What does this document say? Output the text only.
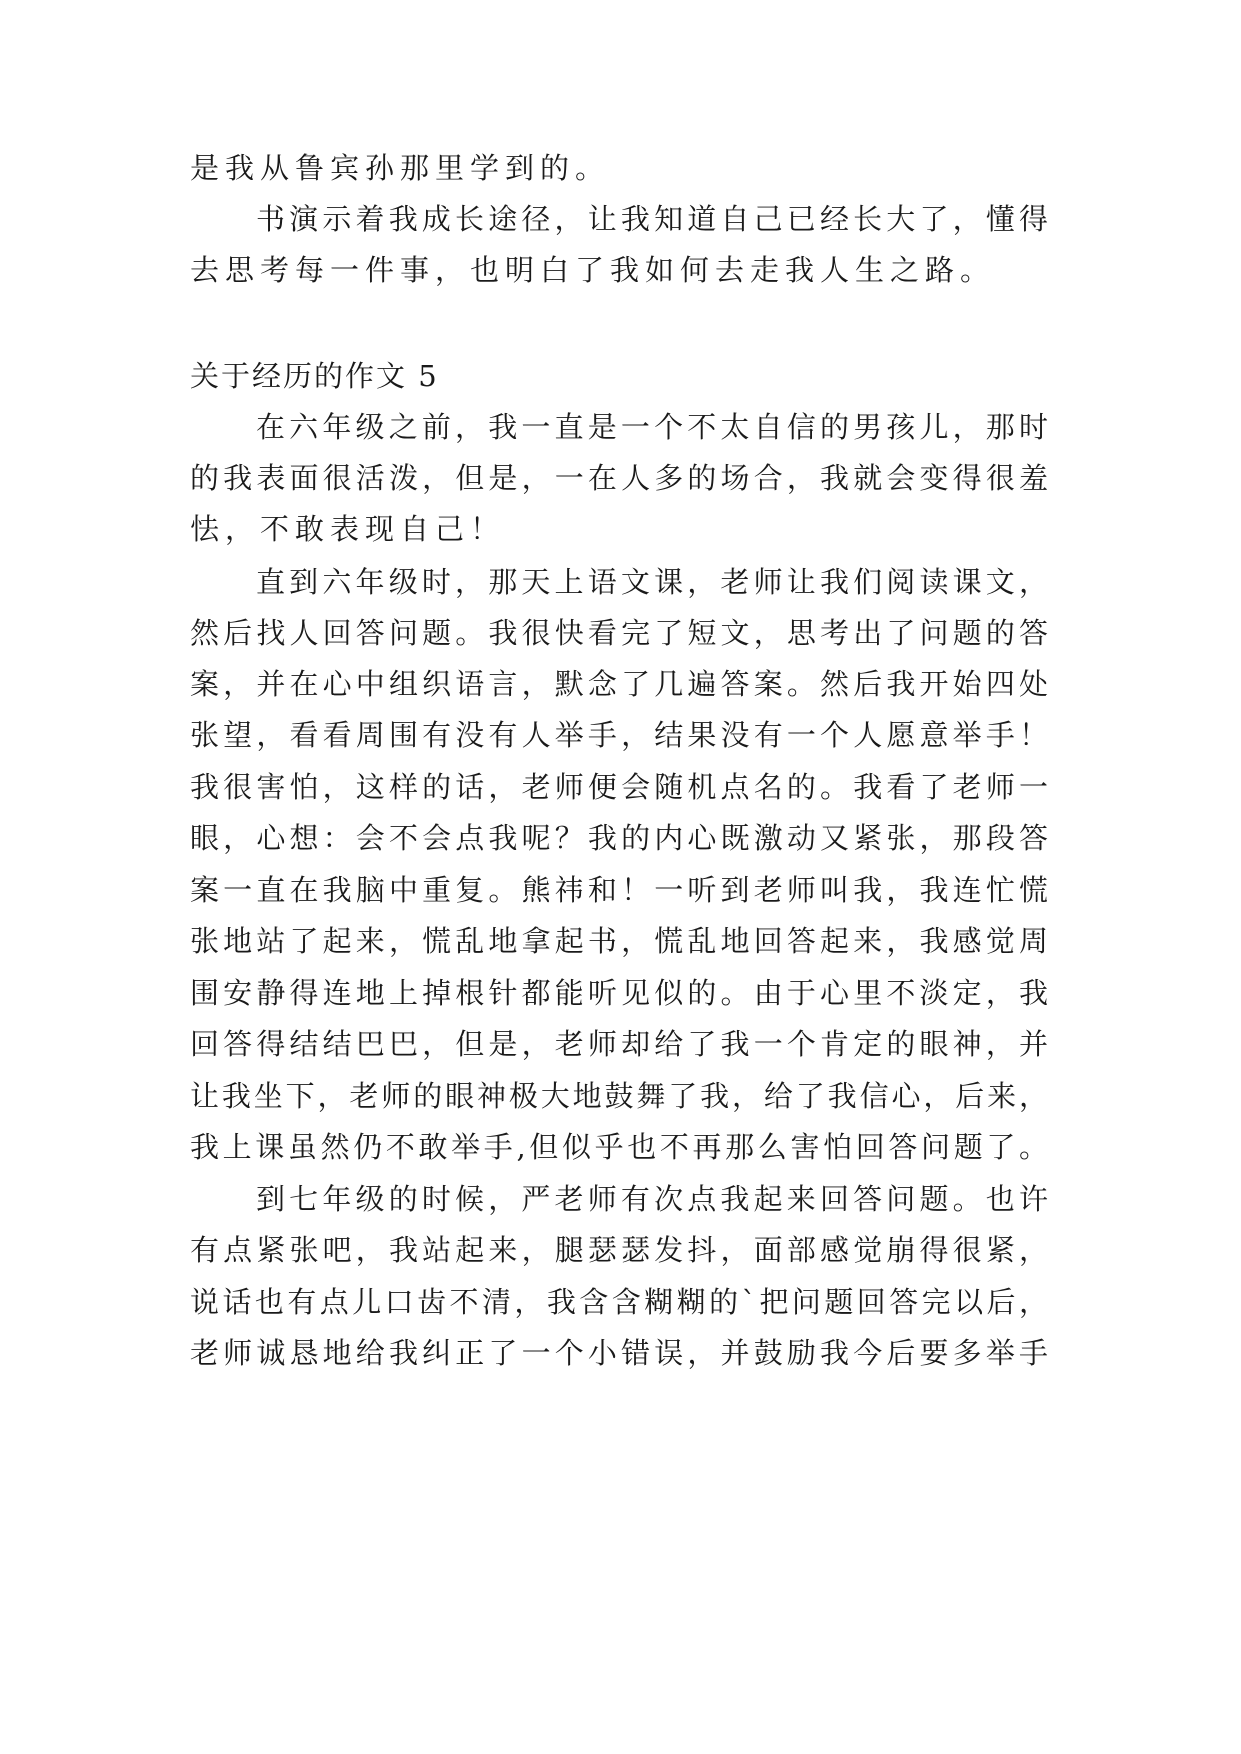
是我从鲁宾孙那里学到的。
书演示着我成长途径，让我知道自己已经长大了，懂得
去思考每一件事，也明白了我如何去走我人生之路。
关于经历的作文 5
在六年级之前，我一直是一个不太自信的男孩儿，那时
的我表面很活泼，但是，一在人多的场合，我就会变得很羞
怯，不敢表现自己！
直到六年级时，那天上语文课，老师让我们阅读课文，
然后找人回答问题。我很快看完了短文，思考出了问题的答
案，并在心中组织语言，默念了几遍答案。然后我开始四处
张望，看看周围有没有人举手，结果没有一个人愿意举手！
我很害怕，这样的话，老师便会随机点名的。我看了老师一
眼，心想：会不会点我呢？我的内心既激动又紧张，那段答
案一直在我脑中重复。熊祎和！一听到老师叫我，我连忙慌
张地站了起来，慌乱地拿起书，慌乱地回答起来，我感觉周
围安静得连地上掉根针都能听见似的。由于心里不淡定，我
回答得结结巴巴，但是，老师却给了我一个肯定的眼神，并
让我坐下，老师的眼神极大地鼓舞了我，给了我信心，后来，
我上课虽然仍不敢举手,但似乎也不再那么害怕回答问题了。
到七年级的时候，严老师有次点我起来回答问题。也许
有点紧张吧，我站起来，腿瑟瑟发抖，面部感觉崩得很紧，
说话也有点儿口齿不清，我含含糊糊的`把问题回答完以后，
老师诚恳地给我纠正了一个小错误，并鼓励我今后要多举手
